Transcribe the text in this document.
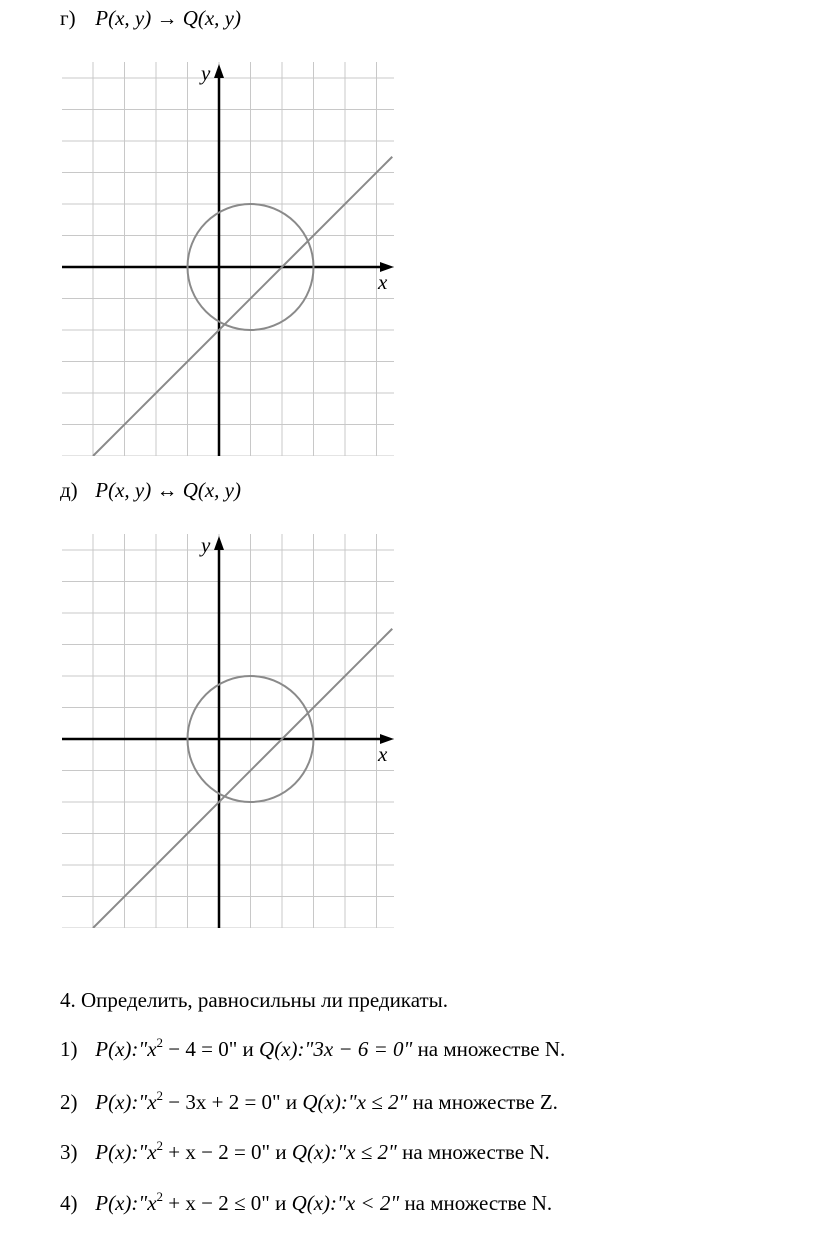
г) P(x, y) → Q(x, y)
x
y
д) P(x, y) ↔ Q(x, y)
x
y
4. Определить, равносильны ли предикаты.
1) $P(x):"x^2 - 4 = 0$" и Q(x):"3x − 6 = 0" на множестве N.
2) $P(x):"x^2 - 3x + 2 = 0$" и Q(x):"x ≤ 2" на множестве Z.
3) $P(x):"x^2 + x - 2 = 0$" и Q(x):"x ≤ 2" на множестве N.
4) $P(x):"x^2 + x - 2 \le 0$" и Q(x):"x < 2" на множестве N.
